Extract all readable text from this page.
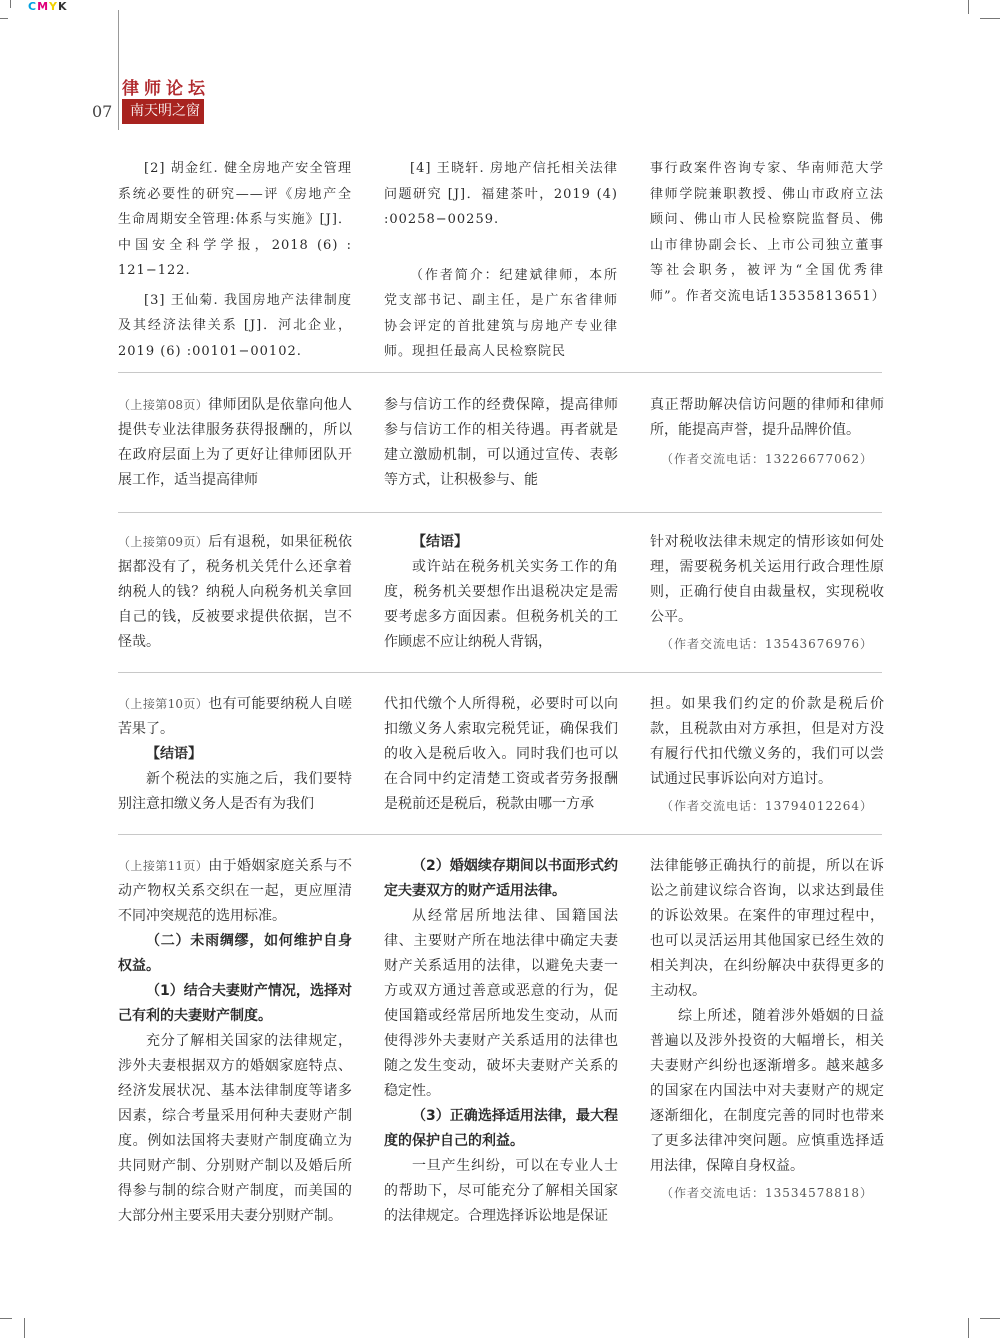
CMYK
律师论坛
07	南天明之窗

[2] 胡金红. 健全房地产安全管理系统必要性的研究——评《房地产全生命周期安全管理:体系与实施》[J]．中国安全科学学报，2018 (6) : 121−122.

[3] 王仙菊. 我国房地产法律制度及其经济法律关系 [J]．河北企业，2019 (6) :00101−00102.

[4] 王晓轩. 房地产信托相关法律问题研究 [J]．福建茶叶，2019 (4) :00258−00259.

（作者简介：纪建斌律师，本所党支部书记、副主任，是广东省律师协会评定的首批建筑与房地产专业律师。现担任最高人民检察院民

事行政案件咨询专家、华南师范大学律师学院兼职教授、佛山市政府立法顾问、佛山市人民检察院监督员、佛山市律协副会长、上市公司独立董事等社会职务，被评为“全国优秀律师”。作者交流电话13535813651）

（上接第08页）律师团队是依靠向他人提供专业法律服务获得报酬的，所以在政府层面上为了更好让律师团队开展工作，适当提高律师

参与信访工作的经费保障，提高律师参与信访工作的相关待遇。再者就是建立激励机制，可以通过宣传、表彰等方式，让积极参与、能

真正帮助解决信访问题的律师和律师所，能提高声誉，提升品牌价值。

（作者交流电话：13226677062）

（上接第09页）后有退税，如果征税依据都没有了，税务机关凭什么还拿着纳税人的钱？纳税人向税务机关拿回自己的钱，反被要求提供依据，岂不怪哉。

【结语】

或许站在税务机关实务工作的角度，税务机关要想作出退税决定是需要考虑多方面因素。但税务机关的工作顾虑不应让纳税人背锅，

针对税收法律未规定的情形该如何处理，需要税务机关运用行政合理性原则，正确行使自由裁量权，实现税收公平。

（作者交流电话：13543676976）

（上接第10页）也有可能要纳税人自嗟苦果了。

【结语】

新个税法的实施之后，我们要特别注意扣缴义务人是否有为我们

代扣代缴个人所得税，必要时可以向扣缴义务人索取完税凭证，确保我们的收入是税后收入。同时我们也可以在合同中约定清楚工资或者劳务报酬是税前还是税后，税款由哪一方承

担。如果我们约定的价款是税后价款，且税款由对方承担，但是对方没有履行代扣代缴义务的，我们可以尝试通过民事诉讼向对方追讨。

（作者交流电话：13794012264）

（上接第11页）由于婚姻家庭关系与不动产物权关系交织在一起，更应厘清不同冲突规范的选用标准。

（二）未雨绸缪，如何维护自身权益。

（1）结合夫妻财产情况，选择对己有利的夫妻财产制度。

充分了解相关国家的法律规定，涉外夫妻根据双方的婚姻家庭特点、经济发展状况、基本法律制度等诸多因素，综合考量采用何种夫妻财产制度。例如法国将夫妻财产制度确立为共同财产制、分别财产制以及婚后所得参与制的综合财产制度，而美国的大部分州主要采用夫妻分别财产制。

（2）婚姻续存期间以书面形式约定夫妻双方的财产适用法律。

从经常居所地法律、国籍国法律、主要财产所在地法律中确定夫妻财产关系适用的法律，以避免夫妻一方或双方通过善意或恶意的行为，促使国籍或经常居所地发生变动，从而使得涉外夫妻财产关系适用的法律也随之发生变动，破坏夫妻财产关系的稳定性。

（3）正确选择适用法律，最大程度的保护自己的利益。

一旦产生纠纷，可以在专业人士的帮助下，尽可能充分了解相关国家的法律规定。合理选择诉讼地是保证

法律能够正确执行的前提，所以在诉讼之前建议综合咨询，以求达到最佳的诉讼效果。在案件的审理过程中，也可以灵活运用其他国家已经生效的相关判决，在纠纷解决中获得更多的主动权。

综上所述，随着涉外婚姻的日益普遍以及涉外投资的大幅增长，相关夫妻财产纠纷也逐渐增多。越来越多的国家在内国法中对夫妻财产的规定逐渐细化，在制度完善的同时也带来了更多法律冲突问题。应慎重选择适用法律，保障自身权益。

（作者交流电话：13534578818）
